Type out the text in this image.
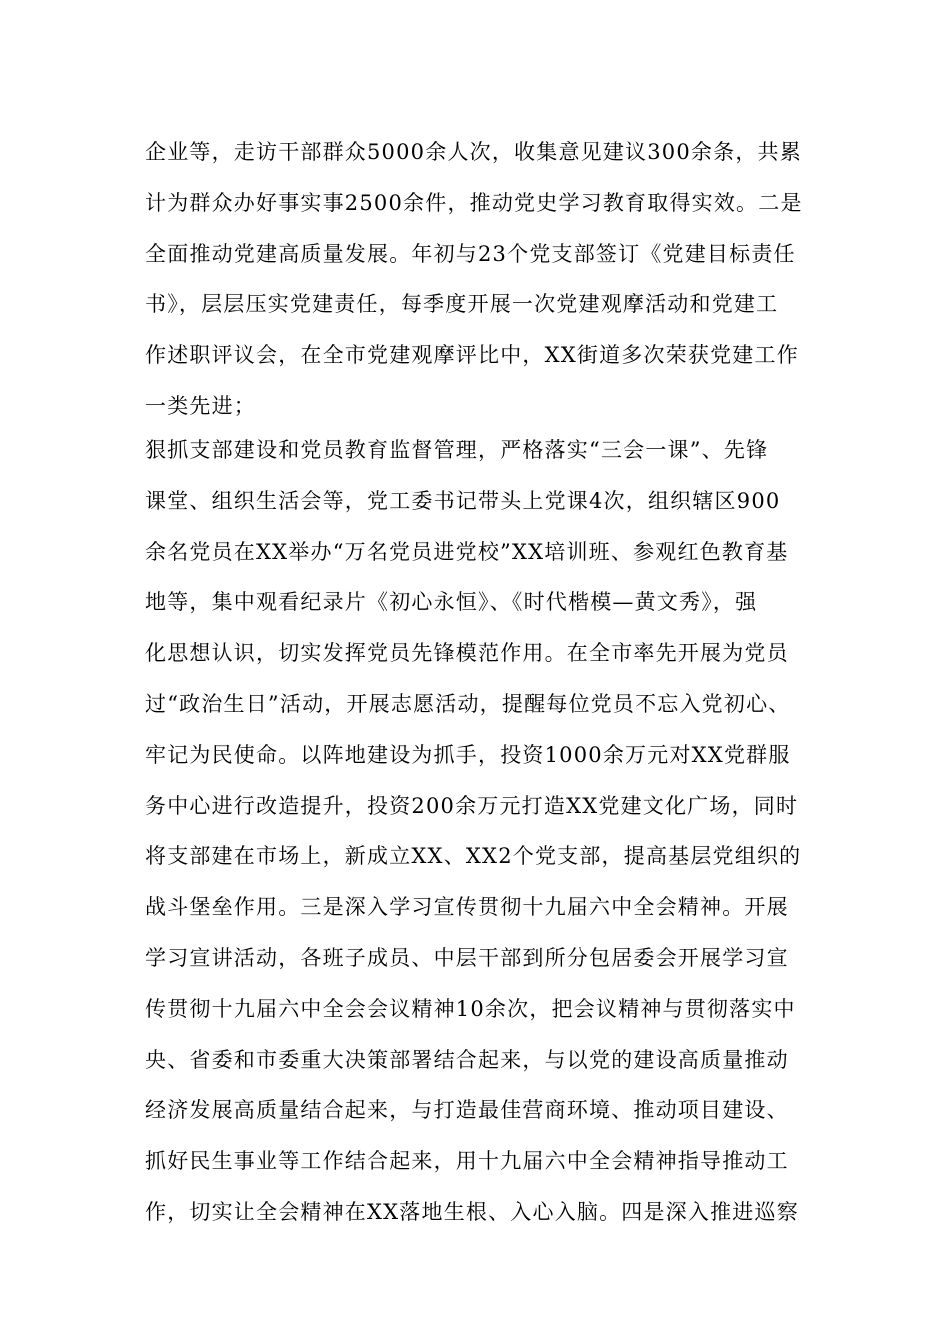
企业等，走访干部群众5000余人次，收集意见建议300余条，共累
计为群众办好事实事2500余件，推动党史学习教育取得实效。二是
全面推动党建高质量发展。年初与23个党支部签订《党建目标责任
书》，层层压实党建责任，每季度开展一次党建观摩活动和党建工
作述职评议会，在全市党建观摩评比中，XX街道多次荣获党建工作
一类先进；
狠抓支部建设和党员教育监督管理，严格落实“三会一课”、先锋
课堂、组织生活会等，党工委书记带头上党课4次，组织辖区900
余名党员在XX举办“万名党员进党校”XX培训班、参观红色教育基
地等，集中观看纪录片《初心永恒》、《时代楷模—黄文秀》，强
化思想认识，切实发挥党员先锋模范作用。在全市率先开展为党员
过“政治生日”活动，开展志愿活动，提醒每位党员不忘入党初心、
牢记为民使命。以阵地建设为抓手，投资1000余万元对XX党群服
务中心进行改造提升，投资200余万元打造XX党建文化广场，同时
将支部建在市场上，新成立XX、XX2个党支部，提高基层党组织的
战斗堡垒作用。三是深入学习宣传贯彻十九届六中全会精神。开展
学习宣讲活动，各班子成员、中层干部到所分包居委会开展学习宣
传贯彻十九届六中全会会议精神10余次，把会议精神与贯彻落实中
央、省委和市委重大决策部署结合起来，与以党的建设高质量推动
经济发展高质量结合起来，与打造最佳营商环境、推动项目建设、
抓好民生事业等工作结合起来，用十九届六中全会精神指导推动工
作，切实让全会精神在XX落地生根、入心入脑。四是深入推进巡察
